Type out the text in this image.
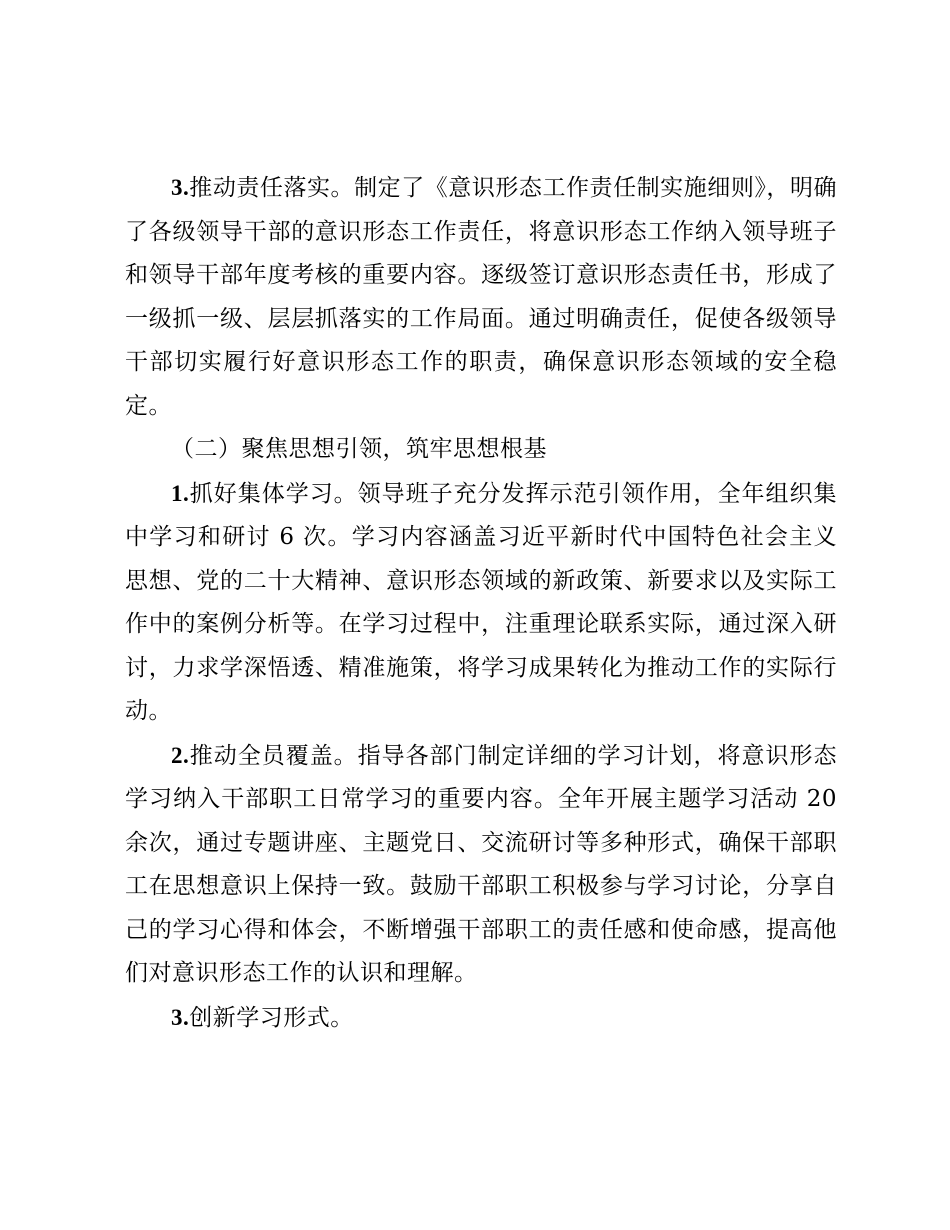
3.推动责任落实。制定了《意识形态工作责任制实施细则》，明确了各级领导干部的意识形态工作责任，将意识形态工作纳入领导班子和领导干部年度考核的重要内容。逐级签订意识形态责任书，形成了一级抓一级、层层抓落实的工作局面。通过明确责任，促使各级领导干部切实履行好意识形态工作的职责，确保意识形态领域的安全稳定。

（二）聚焦思想引领，筑牢思想根基

1.抓好集体学习。领导班子充分发挥示范引领作用，全年组织集中学习和研讨 6 次。学习内容涵盖习近平新时代中国特色社会主义思想、党的二十大精神、意识形态领域的新政策、新要求以及实际工作中的案例分析等。在学习过程中，注重理论联系实际，通过深入研讨，力求学深悟透、精准施策，将学习成果转化为推动工作的实际行动。

2.推动全员覆盖。指导各部门制定详细的学习计划，将意识形态学习纳入干部职工日常学习的重要内容。全年开展主题学习活动 20 余次，通过专题讲座、主题党日、交流研讨等多种形式，确保干部职工在思想意识上保持一致。鼓励干部职工积极参与学习讨论，分享自己的学习心得和体会，不断增强干部职工的责任感和使命感，提高他们对意识形态工作的认识和理解。

3.创新学习形式。
